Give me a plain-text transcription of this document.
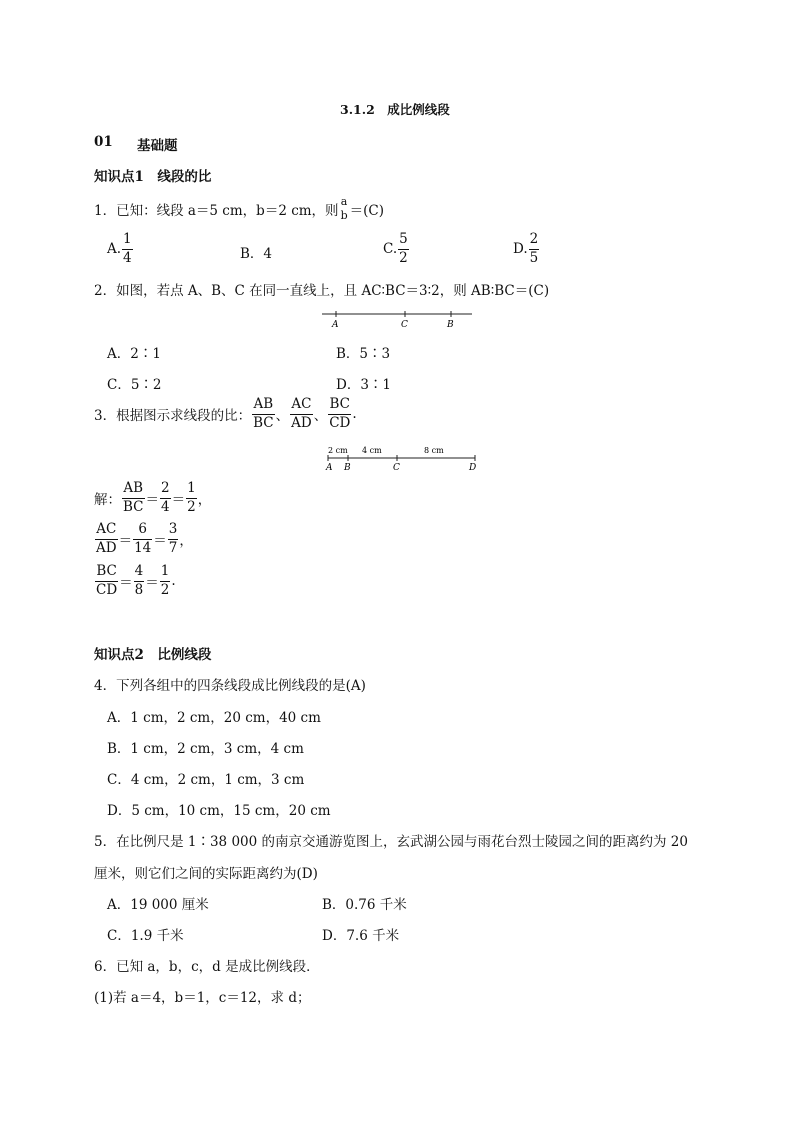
3.1.2　成比例线段
01 基础题
知识点1　线段的比
1．已知：线段 a＝5 cm，b＝2 cm，则
a
b ＝(C)
A. $\frac{1}{4}$	B．4	C. $\frac{5}{2}$	D. $\frac{2}{5}$
2．如图，若点 A、B、C 在同一直线上，且 AC∶BC＝3∶2，则 AB∶BC＝(C)
A	C	B
A．2∶1	B．5∶3
C．5∶2	D．3∶1
3．根据图示求线段的比： $\frac{AB}{BC}$ 、 $\frac{AC}{AD}$ 、 $\frac{BC}{CD}$ .
2 cm 4 cm	8 cm
A B	C	D
解： $\frac{AB}{BC} = \frac{2}{4} = \frac{1}{2}$ ，
$\frac{AC}{AD} = \frac{6}{14} = \frac{3}{7}$ ，
$\frac{BC}{CD} = \frac{4}{8} = \frac{1}{2}$ .
知识点2　比例线段
4．下列各组中的四条线段成比例线段的是(A)
A．1 cm，2 cm，20 cm，40 cm
B．1 cm，2 cm，3 cm，4 cm
C．4 cm，2 cm，1 cm，3 cm
D．5 cm，10 cm，15 cm，20 cm
5．在比例尺是 1∶38 000 的南京交通游览图上，玄武湖公园与雨花台烈士陵园之间的距离约为 20
厘米，则它们之间的实际距离约为(D)
A．19 000 厘米	B．0.76 千米
C．1.9 千米	D．7.6 千米
6．已知 a，b，c，d 是成比例线段．
(1)若 a＝4，b＝1，c＝12，求 d；
